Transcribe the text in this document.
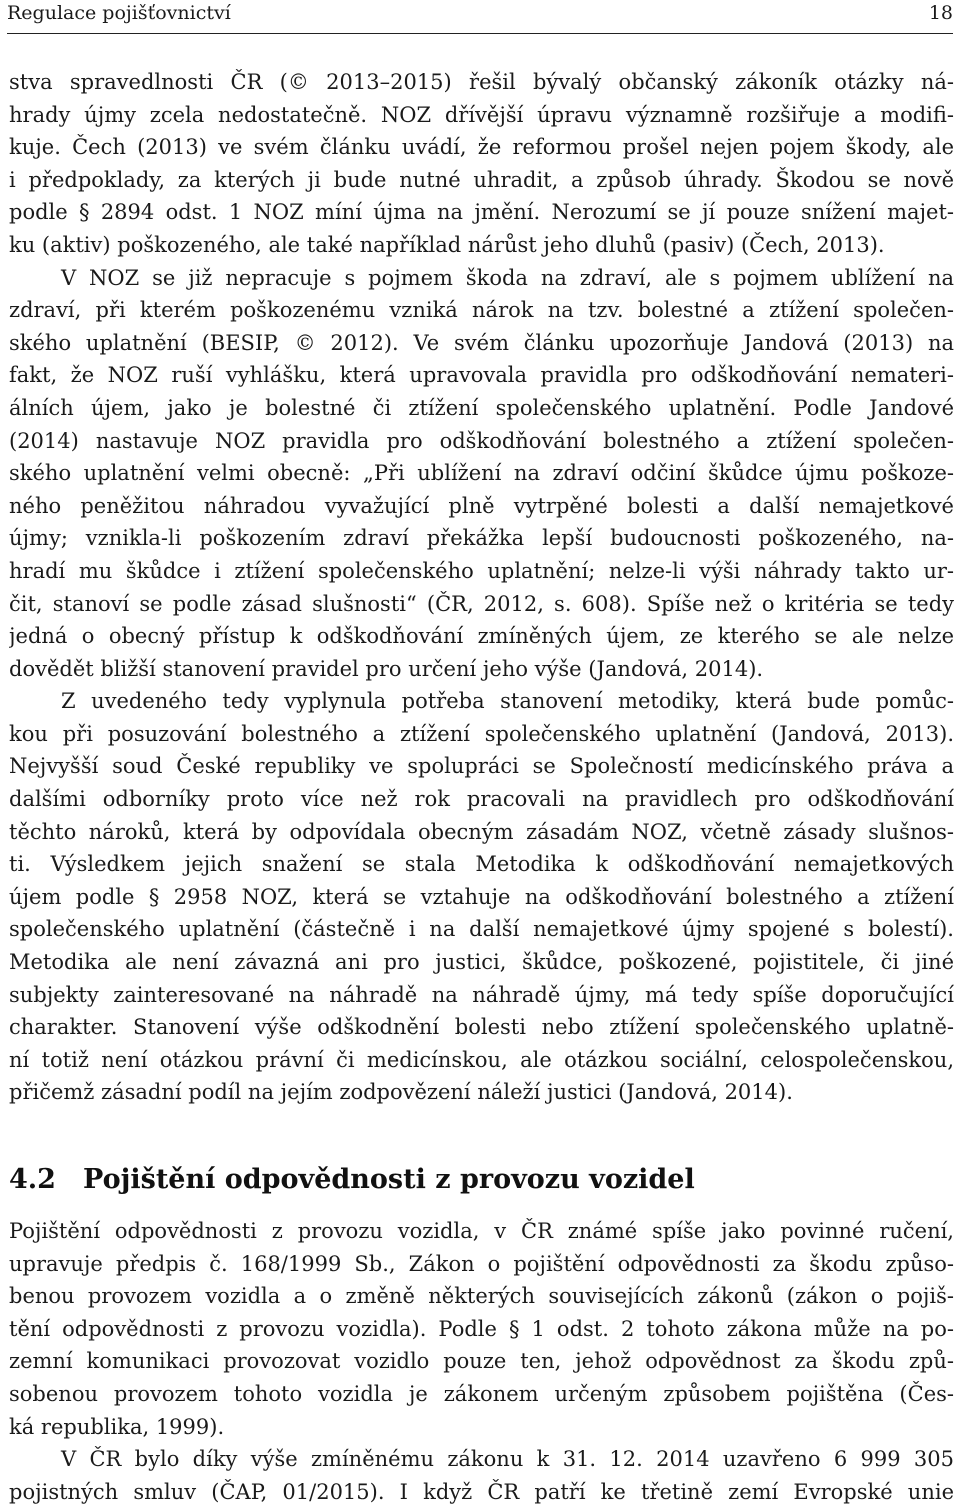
Regulace pojišťovnictví	18
stva spravedlnosti ČR (© 2013–2015) řešil bývalý občanský zákoník otázky ná-
hrady újmy zcela nedostatečně. NOZ dřívější úpravu významně rozšiřuje a modifi-
kuje. Čech (2013) ve svém článku uvádí, že reformou prošel nejen pojem škody, ale
i předpoklady, za kterých ji bude nutné uhradit, a způsob úhrady. Škodou se nově
podle § 2894 odst. 1 NOZ míní újma na jmění. Nerozumí se jí pouze snížení majet-
ku (aktiv) poškozeného, ale také například nárůst jeho dluhů (pasiv) (Čech, 2013).
V NOZ se již nepracuje s pojmem škoda na zdraví, ale s pojmem ublížení na
zdraví, při kterém poškozenému vzniká nárok na tzv. bolestné a ztížení společen-
ského uplatnění (BESIP, © 2012). Ve svém článku upozorňuje Jandová (2013) na
fakt, že NOZ ruší vyhlášku, která upravovala pravidla pro odškodňování nemateri-
álních újem, jako je bolestné či ztížení společenského uplatnění. Podle Jandové
(2014) nastavuje NOZ pravidla pro odškodňování bolestného a ztížení společen-
ského uplatnění velmi obecně: „Při ublížení na zdraví odčiní škůdce újmu poškoze-
ného peněžitou náhradou vyvažující plně vytrpěné bolesti a další nemajetkové
újmy; vznikla-li poškozením zdraví překážka lepší budoucnosti poškozeného, na-
hradí mu škůdce i ztížení společenského uplatnění; nelze-li výši náhrady takto ur-
čit, stanoví se podle zásad slušnosti“ (ČR, 2012, s. 608). Spíše než o kritéria se tedy
jedná o obecný přístup k odškodňování zmíněných újem, ze kterého se ale nelze
dovědět bližší stanovení pravidel pro určení jeho výše (Jandová, 2014).
Z uvedeného tedy vyplynula potřeba stanovení metodiky, která bude pomůc-
kou při posuzování bolestného a ztížení společenského uplatnění (Jandová, 2013).
Nejvyšší soud České republiky ve spolupráci se Společností medicínského práva a
dalšími odborníky proto více než rok pracovali na pravidlech pro odškodňování
těchto nároků, která by odpovídala obecným zásadám NOZ, včetně zásady slušnos-
ti. Výsledkem jejich snažení se stala Metodika k odškodňování nemajetkových
újem podle § 2958 NOZ, která se vztahuje na odškodňování bolestného a ztížení
společenského uplatnění (částečně i na další nemajetkové újmy spojené s bolestí).
Metodika ale není závazná ani pro justici, škůdce, poškozené, pojistitele, či jiné
subjekty zainteresované na náhradě na náhradě újmy, má tedy spíše doporučující
charakter. Stanovení výše odškodnění bolesti nebo ztížení společenského uplatně-
ní totiž není otázkou právní či medicínskou, ale otázkou sociální, celospolečenskou,
přičemž zásadní podíl na jejím zodpovězení náleží justici (Jandová, 2014).
4.2 Pojištění odpovědnosti z provozu vozidel
Pojištění odpovědnosti z provozu vozidla, v ČR známé spíše jako povinné ručení,
upravuje předpis č. 168/1999 Sb., Zákon o pojištění odpovědnosti za škodu způso-
benou provozem vozidla a o změně některých souvisejících zákonů (zákon o pojiš-
tění odpovědnosti z provozu vozidla). Podle § 1 odst. 2 tohoto zákona může na po-
zemní komunikaci provozovat vozidlo pouze ten, jehož odpovědnost za škodu způ-
sobenou provozem tohoto vozidla je zákonem určeným způsobem pojištěna (Čes-
ká republika, 1999).
V ČR bylo díky výše zmíněnému zákonu k 31. 12. 2014 uzavřeno 6 999 305
pojistných smluv (ČAP, 01/2015). I když ČR patří ke třetině zemí Evropské unie
